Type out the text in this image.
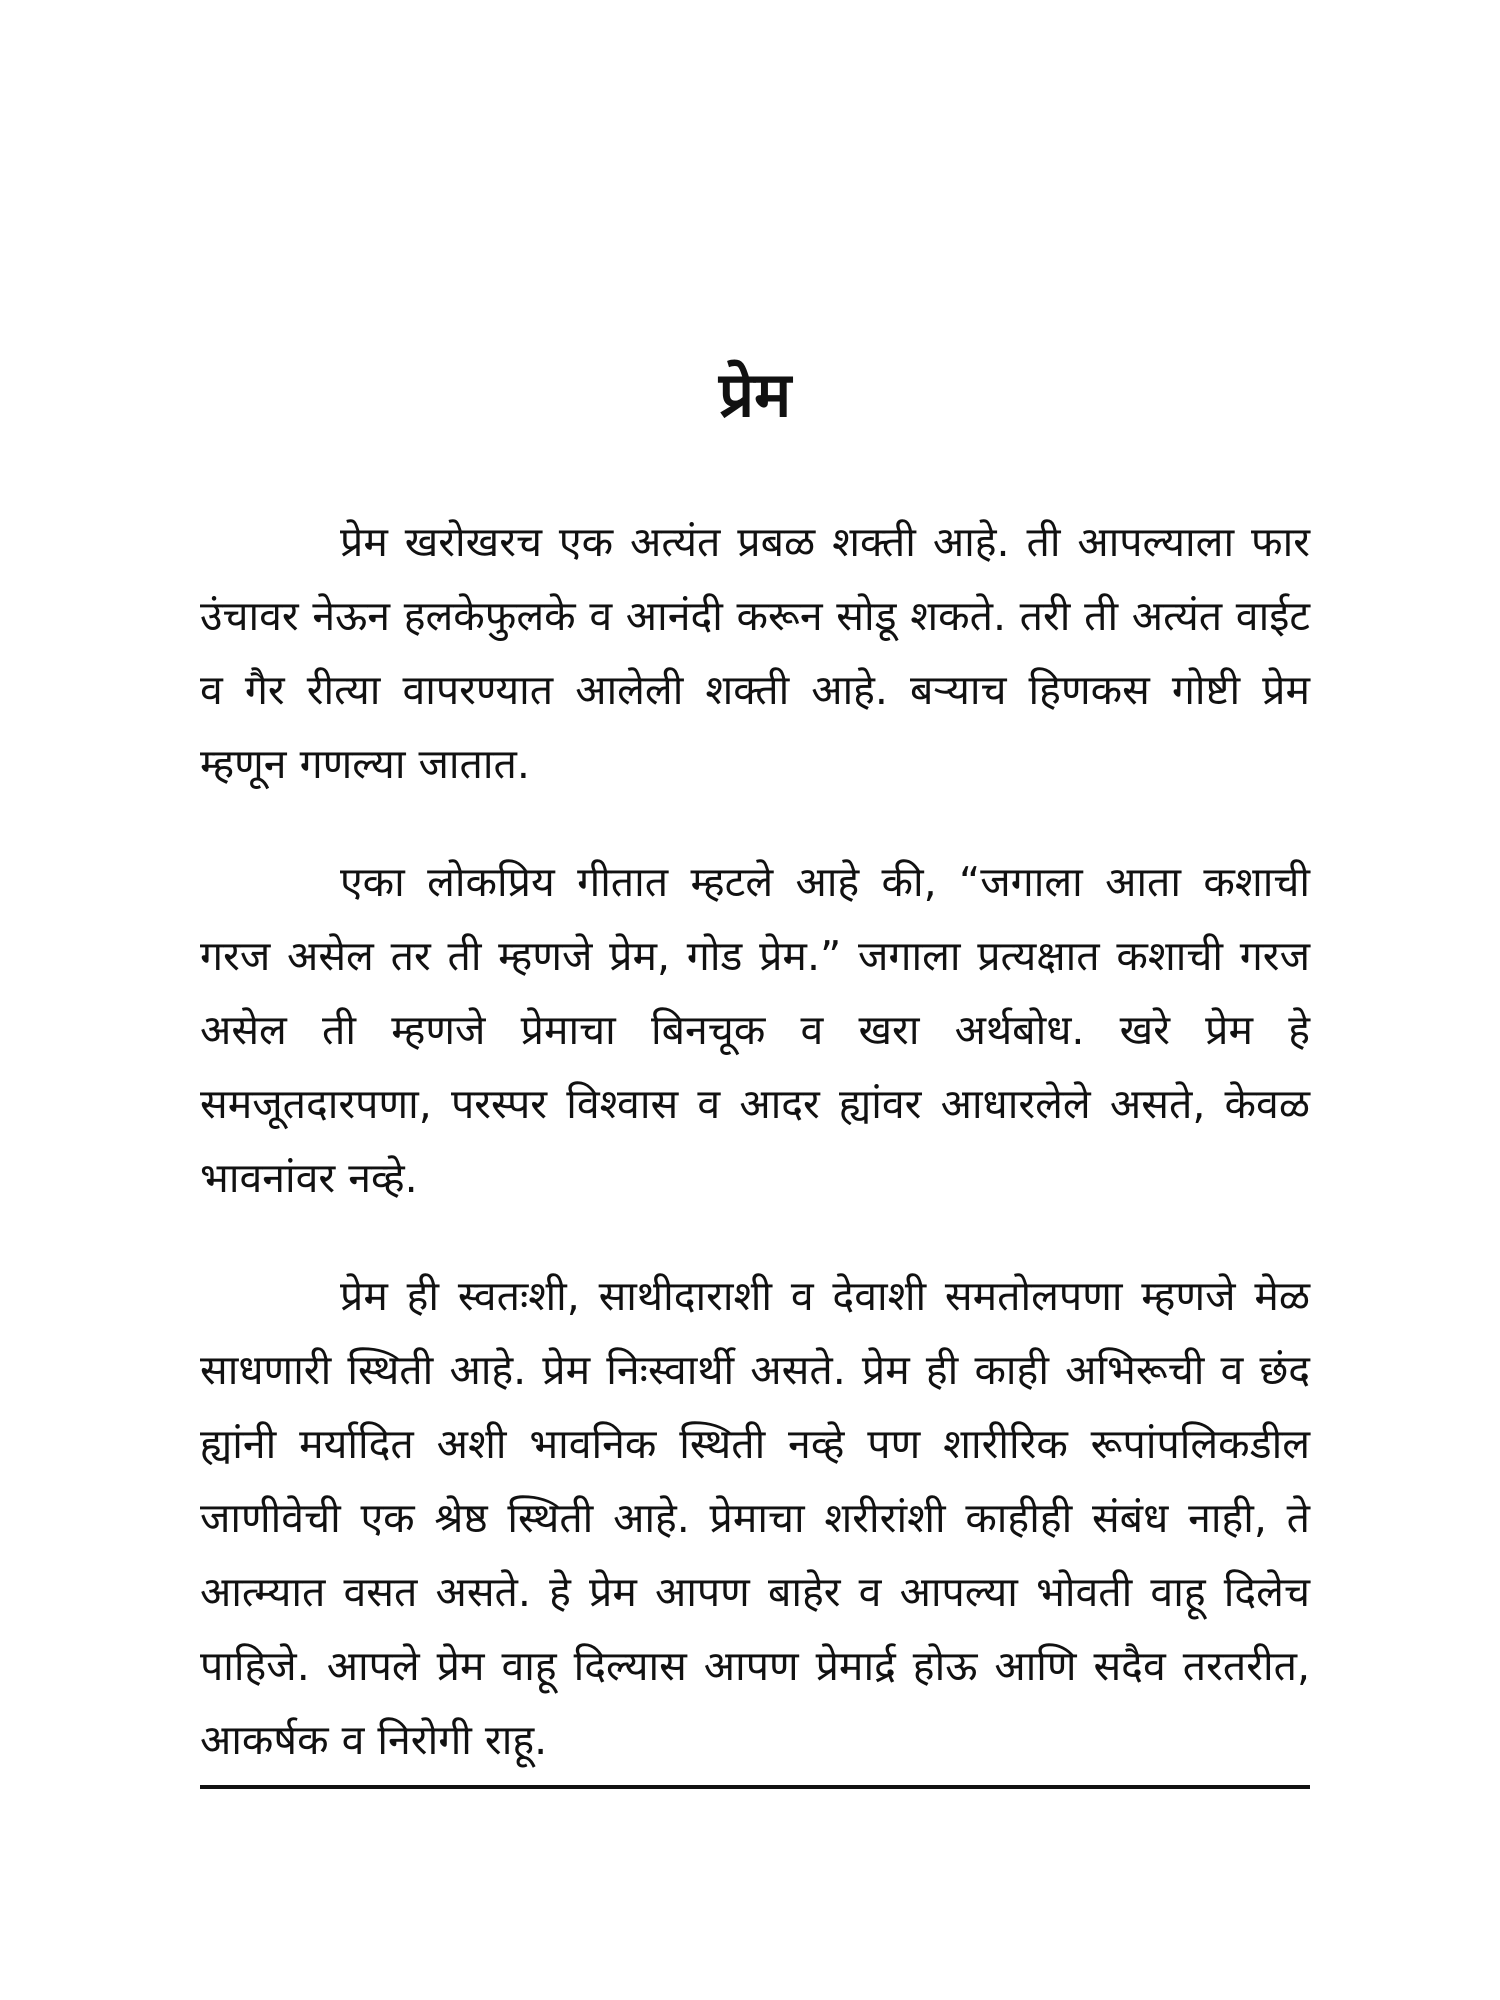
प्रेम

प्रेम खरोखरच एक अत्यंत प्रबळ शक्ती आहे. ती आपल्याला फार उंचावर नेऊन हलकेफुलके व आनंदी करून सोडू शकते. तरी ती अत्यंत वाईट व गैर रीत्या वापरण्यात आलेली शक्ती आहे. बऱ्याच हिणकस गोष्टी प्रेम म्हणून गणल्या जातात.

एका लोकप्रिय गीतात म्हटले आहे की, “जगाला आता कशाची गरज असेल तर ती म्हणजे प्रेम, गोड प्रेम.” जगाला प्रत्यक्षात कशाची गरज असेल ती म्हणजे प्रेमाचा बिनचूक व खरा अर्थबोध. खरे प्रेम हे समजूतदारपणा, परस्पर विश्वास व आदर ह्यांवर आधारलेले असते, केवळ भावनांवर नव्हे.

प्रेम ही स्वतःशी, साथीदाराशी व देवाशी समतोलपणा म्हणजे मेळ साधणारी स्थिती आहे. प्रेम निःस्वार्थी असते. प्रेम ही काही अभिरूची व छंद ह्यांनी मर्यादित अशी भावनिक स्थिती नव्हे पण शारीरिक रूपांपलिकडील जाणीवेची एक श्रेष्ठ स्थिती आहे. प्रेमाचा शरीरांशी काहीही संबंध नाही, ते आत्म्यात वसत असते. हे प्रेम आपण बाहेर व आपल्या भोवती वाहू दिलेच पाहिजे. आपले प्रेम वाहू दिल्यास आपण प्रेमार्द्र होऊ आणि सदैव तरतरीत, आकर्षक व निरोगी राहू.
